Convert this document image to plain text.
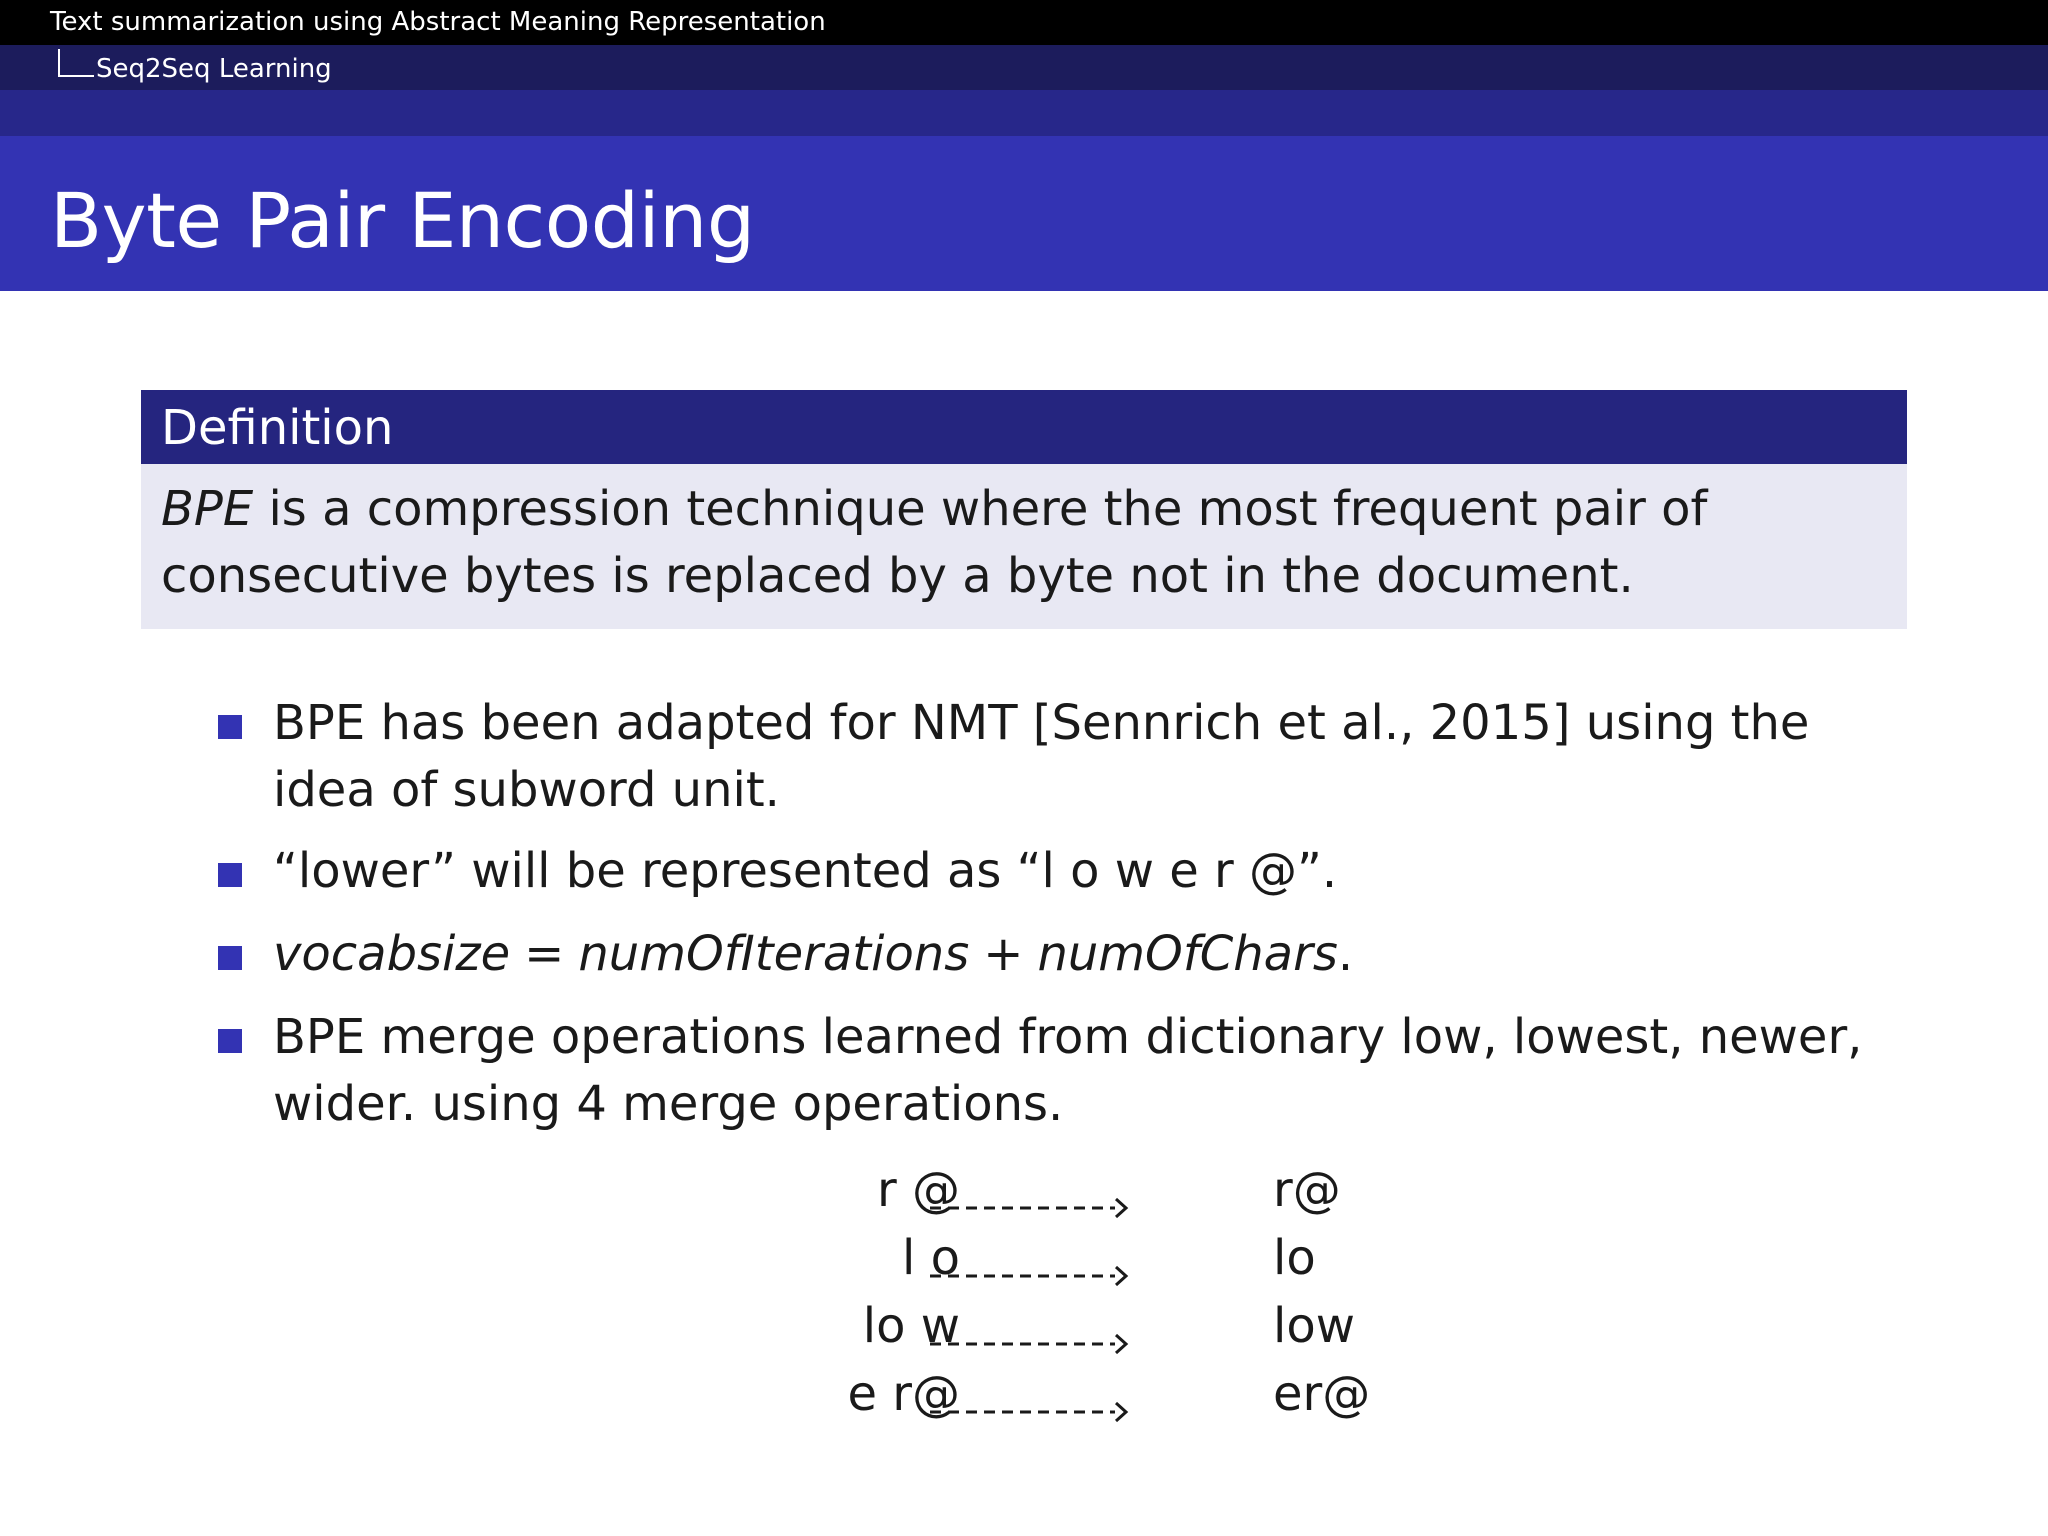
Text summarization using Abstract Meaning Representation
Seq2Seq Learning
Byte Pair Encoding
Definition
BPE is a compression technique where the most frequent pair of consecutive bytes is replaced by a byte not in the document.
BPE has been adapted for NMT [Sennrich et al., 2015] using the idea of subword unit.
“lower” will be represented as “l o w e r @”.
vocabsize = numOfIterations + numOfChars.
BPE merge operations learned from dictionary low, lowest, newer, wider. using 4 merge operations.
r @	r@
l o	lo
lo w	low
e r@	er@
